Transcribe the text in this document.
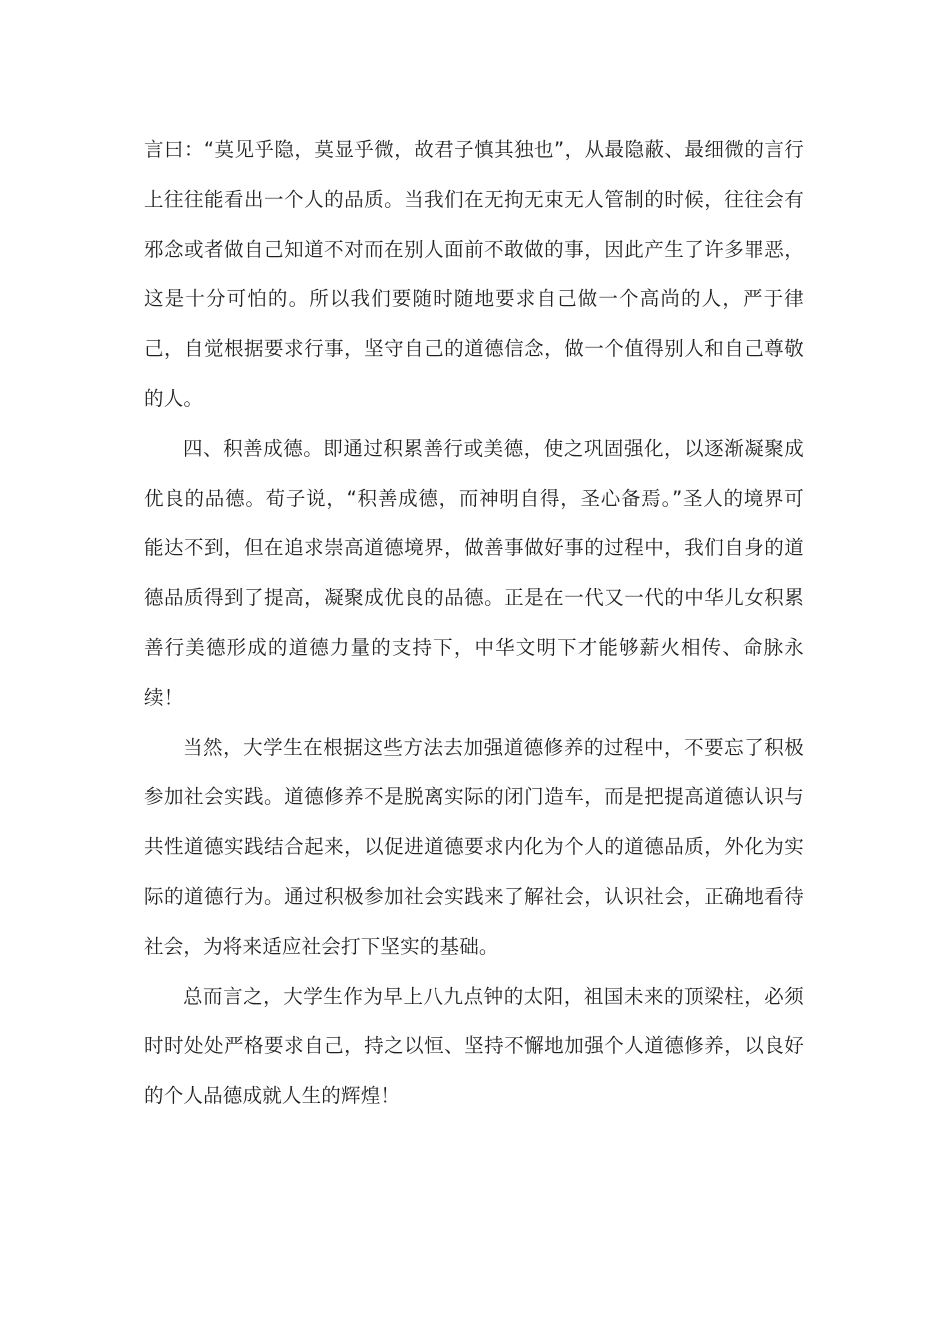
言曰：“莫见乎隐，莫显乎微，故君子慎其独也”，从最隐蔽、最细微的言行上往往能看出一个人的品质。当我们在无拘无束无人管制的时候，往往会有邪念或者做自己知道不对而在别人面前不敢做的事，因此产生了许多罪恶，这是十分可怕的。所以我们要随时随地要求自己做一个高尚的人，严于律己，自觉根据要求行事，坚守自己的道德信念，做一个值得别人和自己尊敬的人。

四、积善成德。即通过积累善行或美德，使之巩固强化，以逐渐凝聚成优良的品德。荀子说，“积善成德，而神明自得，圣心备焉。”圣人的境界可能达不到，但在追求崇高道德境界，做善事做好事的过程中，我们自身的道德品质得到了提高，凝聚成优良的品德。正是在一代又一代的中华儿女积累善行美德形成的道德力量的支持下，中华文明下才能够薪火相传、命脉永续！

当然，大学生在根据这些方法去加强道德修养的过程中，不要忘了积极参加社会实践。道德修养不是脱离实际的闭门造车，而是把提高道德认识与共性道德实践结合起来，以促进道德要求内化为个人的道德品质，外化为实际的道德行为。通过积极参加社会实践来了解社会，认识社会，正确地看待社会，为将来适应社会打下坚实的基础。

总而言之，大学生作为早上八九点钟的太阳，祖国未来的顶梁柱，必须时时处处严格要求自己，持之以恒、坚持不懈地加强个人道德修养，以良好的个人品德成就人生的辉煌！
